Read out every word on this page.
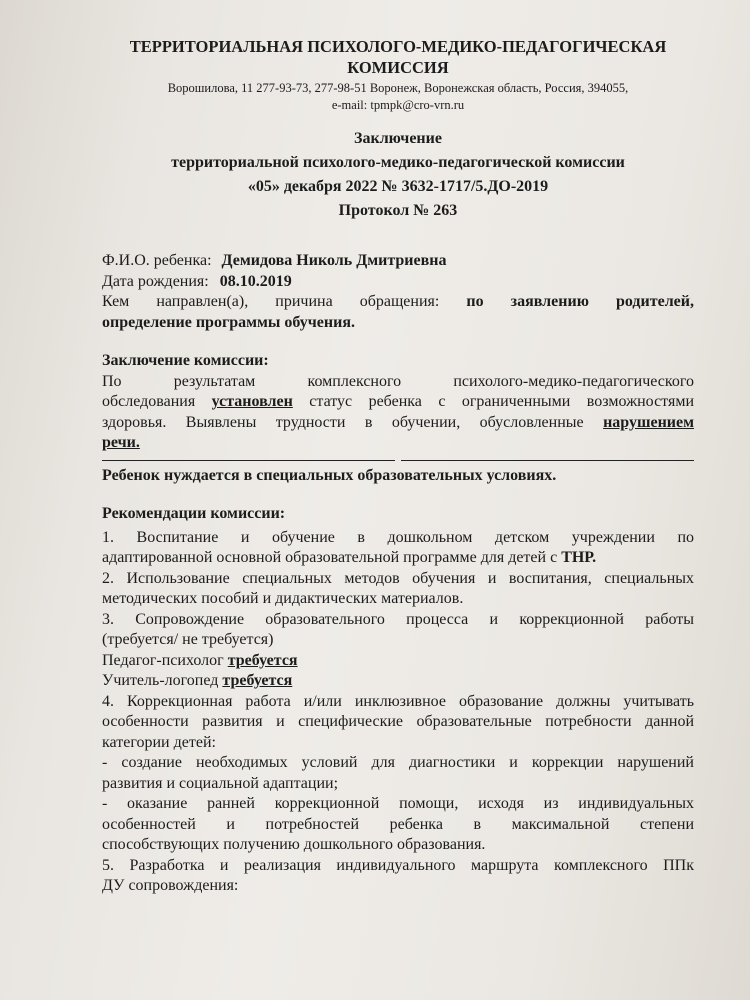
ТЕРРИТОРИАЛЬНАЯ ПСИХОЛОГО-МЕДИКО-ПЕДАГОГИЧЕСКАЯ
КОМИССИЯ
Ворошилова, 11 277-93-73, 277-98-51 Воронеж, Воронежская область, Россия, 394055,
e-mail: tpmpk@cro-vrn.ru
Заключение
территориальной психолого-медико-педагогической комиссии
«05» декабря 2022 № 3632-1717/5.ДО-2019
Протокол № 263
Ф.И.О. ребенка: Демидова Николь Дмитриевна
Дата рождения: 08.10.2019
Кем направлен(а), причина обращения: по заявлению родителей,
определение программы обучения.
Заключение комиссии:
По результатам комплексного психолого-медико-педагогического
обследования установлен статус ребенка с ограниченными возможностями
здоровья. Выявлены трудности в обучении, обусловленные нарушением
речи.
Ребенок нуждается в специальных образовательных условиях.
Рекомендации комиссии:
1. Воспитание и обучение в дошкольном детском учреждении по
адаптированной основной образовательной программе для детей с ТНР.
2. Использование специальных методов обучения и воспитания, специальных
методических пособий и дидактических материалов.
3. Сопровождение образовательного процесса и коррекционной работы
(требуется/ не требуется)
Педагог-психолог требуется
Учитель-логопед требуется
4. Коррекционная работа и/или инклюзивное образование должны учитывать
особенности развития и специфические образовательные потребности данной
категории детей:
- создание необходимых условий для диагностики и коррекции нарушений
развития и социальной адаптации;
- оказание ранней коррекционной помощи, исходя из индивидуальных
особенностей и потребностей ребенка в максимальной степени
способствующих получению дошкольного образования.
5. Разработка и реализация индивидуального маршрута комплексного ППк
ДУ сопровождения:
